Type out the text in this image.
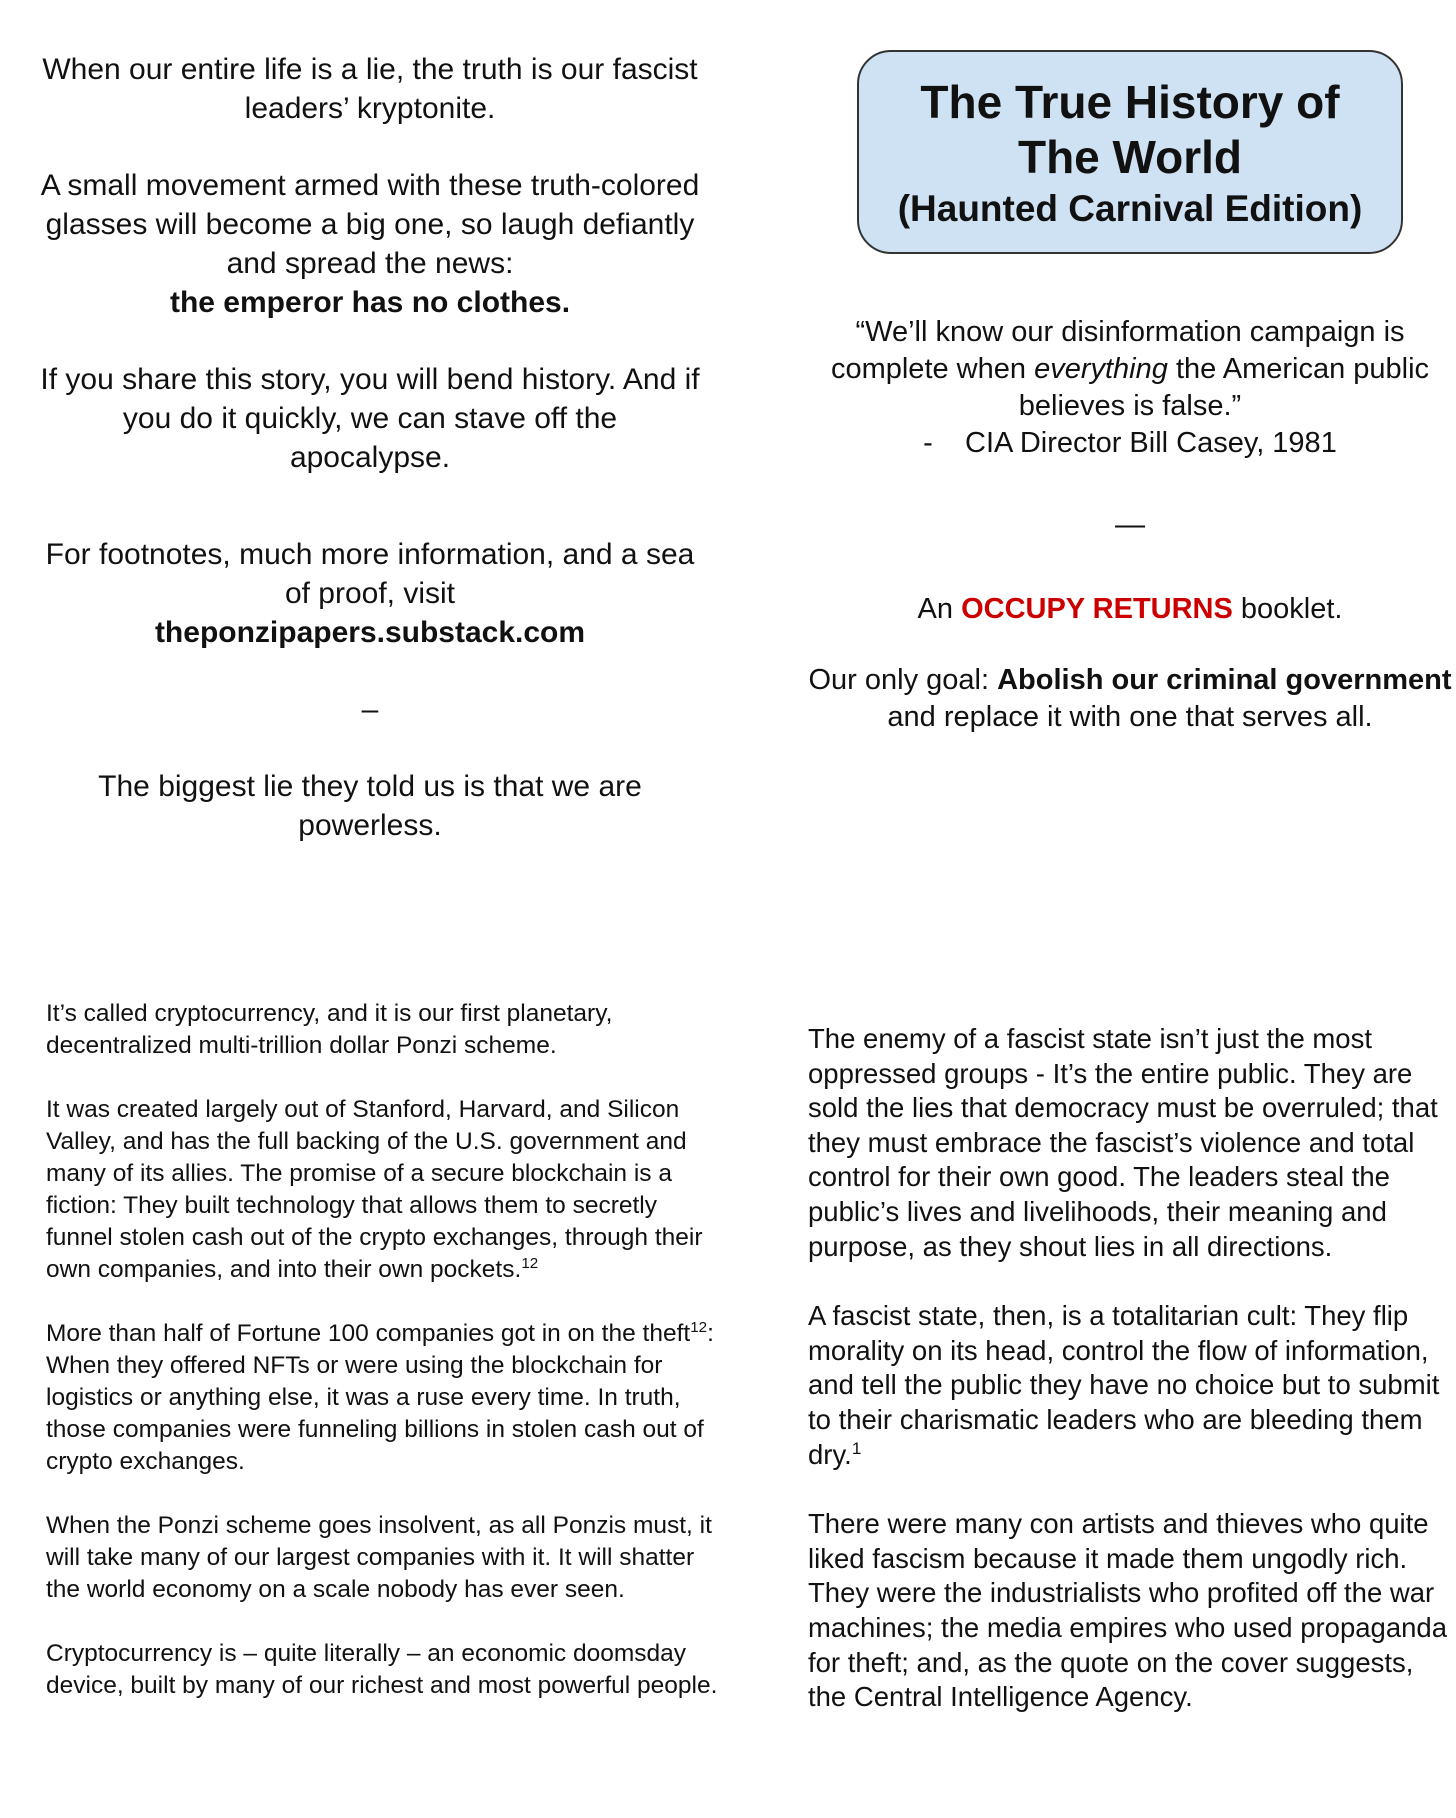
When our entire life is a lie, the truth is our fascist leaders’ kryptonite.

A small movement armed with these truth-colored glasses will become a big one, so laugh defiantly and spread the news:
the emperor has no clothes.

If you share this story, you will bend history. And if you do it quickly, we can stave off the apocalypse.

For footnotes, much more information, and a sea of proof, visit
theponzipapers.substack.com

–

The biggest lie they told us is that we are powerless.

The True History of
The World
(Haunted Carnival Edition)

“We’ll know our disinformation campaign is complete when everything the American public believes is false.”
-    CIA Director Bill Casey, 1981

—

An OCCUPY RETURNS booklet.

Our only goal: Abolish our criminal government and replace it with one that serves all.

It’s called cryptocurrency, and it is our first planetary, decentralized multi-trillion dollar Ponzi scheme.

It was created largely out of Stanford, Harvard, and Silicon Valley, and has the full backing of the U.S. government and many of its allies. The promise of a secure blockchain is a fiction: They built technology that allows them to secretly funnel stolen cash out of the crypto exchanges, through their own companies, and into their own pockets.$^{12}$

More than half of Fortune 100 companies got in on the theft$^{12}$: When they offered NFTs or were using the blockchain for logistics or anything else, it was a ruse every time. In truth, those companies were funneling billions in stolen cash out of crypto exchanges.

When the Ponzi scheme goes insolvent, as all Ponzis must, it will take many of our largest companies with it. It will shatter the world economy on a scale nobody has ever seen.

Cryptocurrency is – quite literally – an economic doomsday device, built by many of our richest and most powerful people.

The enemy of a fascist state isn’t just the most oppressed groups - It’s the entire public. They are sold the lies that democracy must be overruled; that they must embrace the fascist’s violence and total control for their own good. The leaders steal the public’s lives and livelihoods, their meaning and purpose, as they shout lies in all directions.

A fascist state, then, is a totalitarian cult: They flip morality on its head, control the flow of information, and tell the public they have no choice but to submit to their charismatic leaders who are bleeding them dry.$^1$

There were many con artists and thieves who quite liked fascism because it made them ungodly rich. They were the industrialists who profited off the war machines; the media empires who used propaganda for theft; and, as the quote on the cover suggests, the Central Intelligence Agency.
